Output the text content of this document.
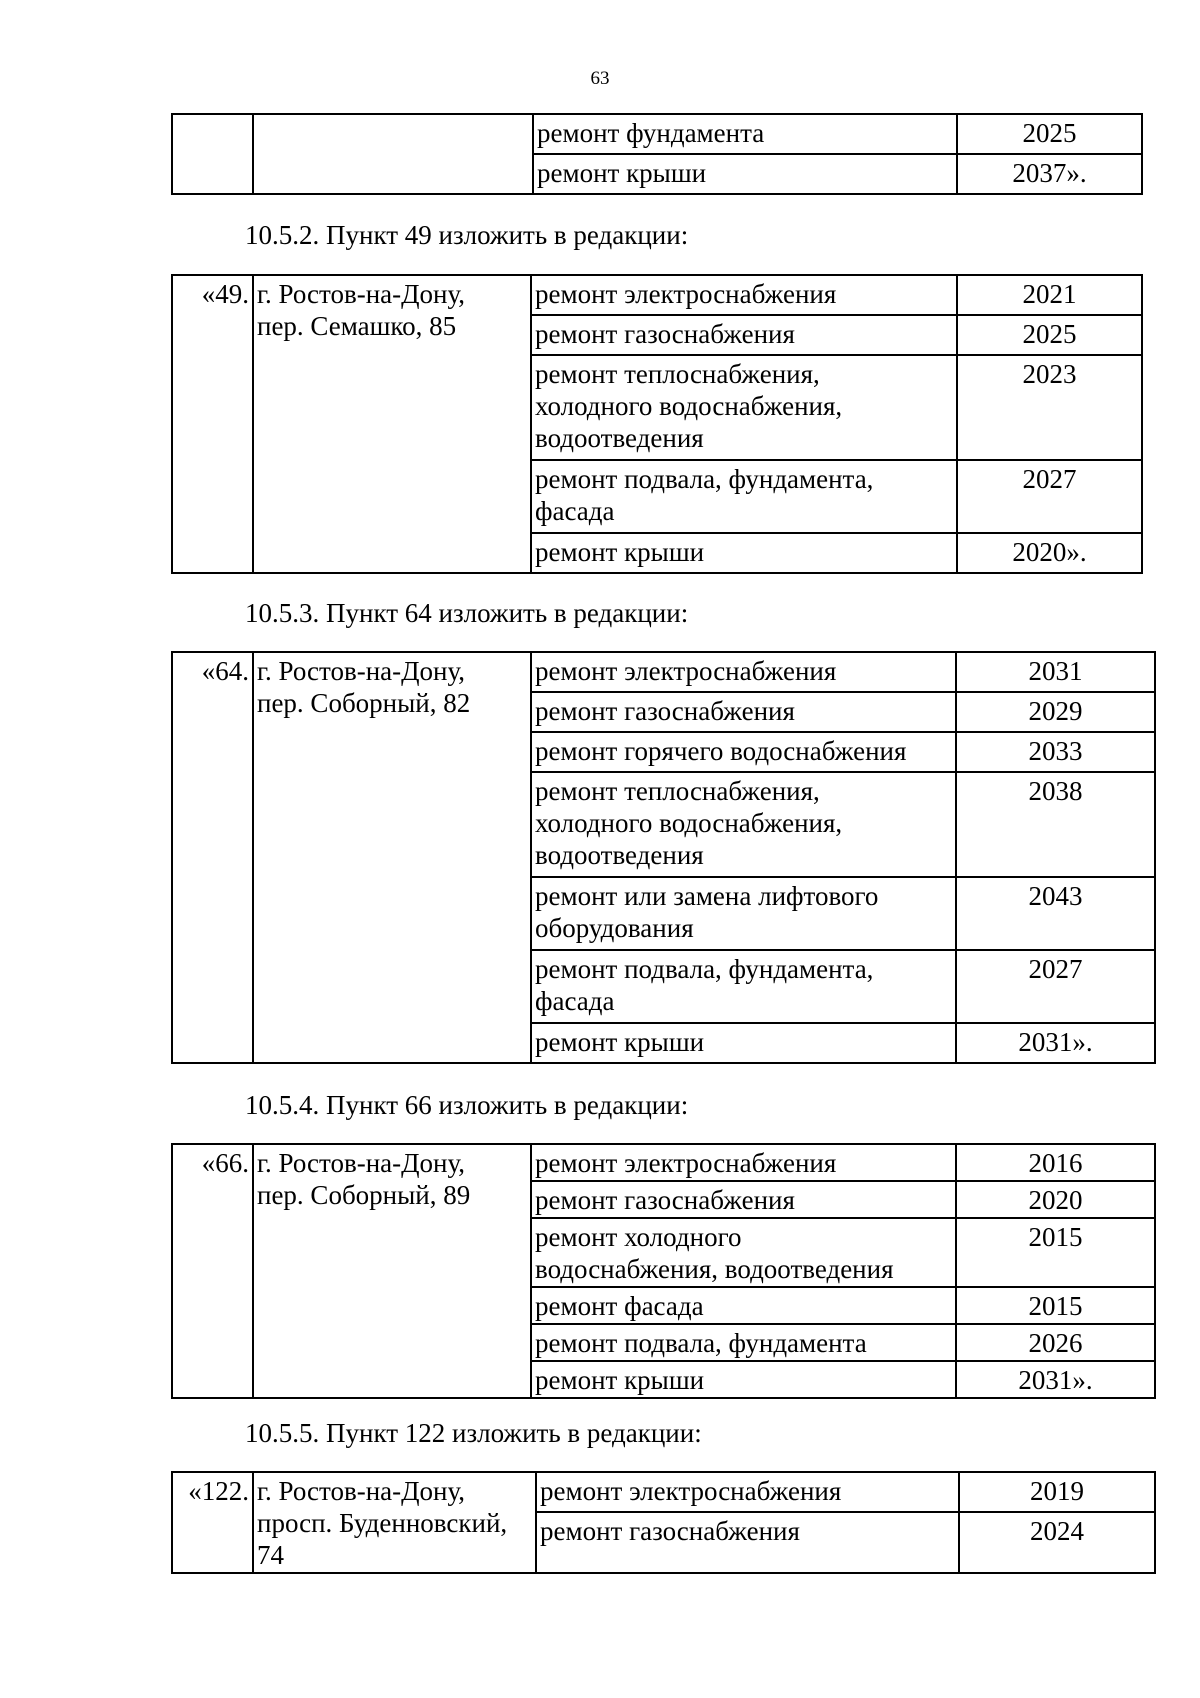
63
		ремонт фундамента	2025
		ремонт крыши	2037».
10.5.2. Пункт 49 изложить в редакции:
«49.	г. Ростов-на-Дону,
пер. Семашко, 85	ремонт электроснабжения	2021

		ремонт газоснабжения	2025

		ремонт теплоснабжения,
холодного водоснабжения,
водоотведения	2023

		ремонт подвала, фундамента,
фасада	2027

		ремонт крыши	2020».
10.5.3. Пункт 64 изложить в редакции:
«64.	г. Ростов-на-Дону,
пер. Соборный, 82	ремонт электроснабжения	2031

		ремонт газоснабжения	2029

		ремонт горячего водоснабжения	2033

		ремонт теплоснабжения,
холодного водоснабжения,
водоотведения	2038

		ремонт или замена лифтового
оборудования	2043

		ремонт подвала, фундамента,
фасада	2027

		ремонт крыши	2031».
10.5.4. Пункт 66 изложить в редакции:
«66.	г. Ростов-на-Дону,
пер. Соборный, 89	ремонт электроснабжения	2016

		ремонт газоснабжения	2020

		ремонт холодного
водоснабжения, водоотведения	2015

		ремонт фасада	2015

		ремонт подвала, фундамента	2026

		ремонт крыши	2031».
10.5.5. Пункт 122 изложить в редакции:
«122.	г. Ростов-на-Дону,
просп. Буденновский,
74	ремонт электроснабжения	2019

		ремонт газоснабжения	2024
